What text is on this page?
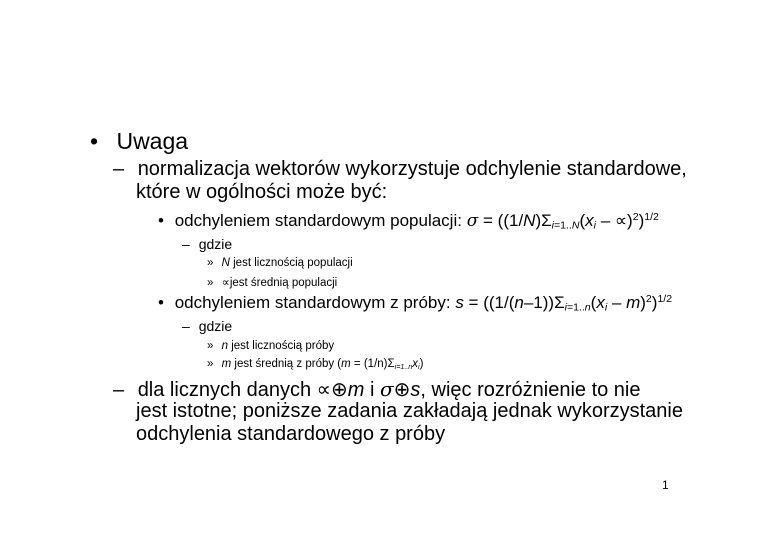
• Uwaga
– normalizacja wektorów wykorzystuje odchylenie standardowe,
które w ogólności może być:
• odchyleniem standardowym populacji: $\sigma = ((1/N)\Sigma_{i=1..N}(x_i - \propto)^2)^{1/2}$
– gdzie
» N jest licznością populacji
» ∝jest średnią populacji
• odchyleniem standardowym z próby: $s = ((1/(n-1))\Sigma_{i=1..n}(x_i - m)^2)^{1/2}$
– gdzie
» n jest licznością próby
» m jest średnią z próby $(m = (1/n)\Sigma_{i=1..n}x_i)$
– dla licznych danych ∝⊕m i σ⊕s, więc rozróżnienie to nie
jest istotne; poniższe zadania zakładają jednak wykorzystanie
odchylenia standardowego z próby
1
